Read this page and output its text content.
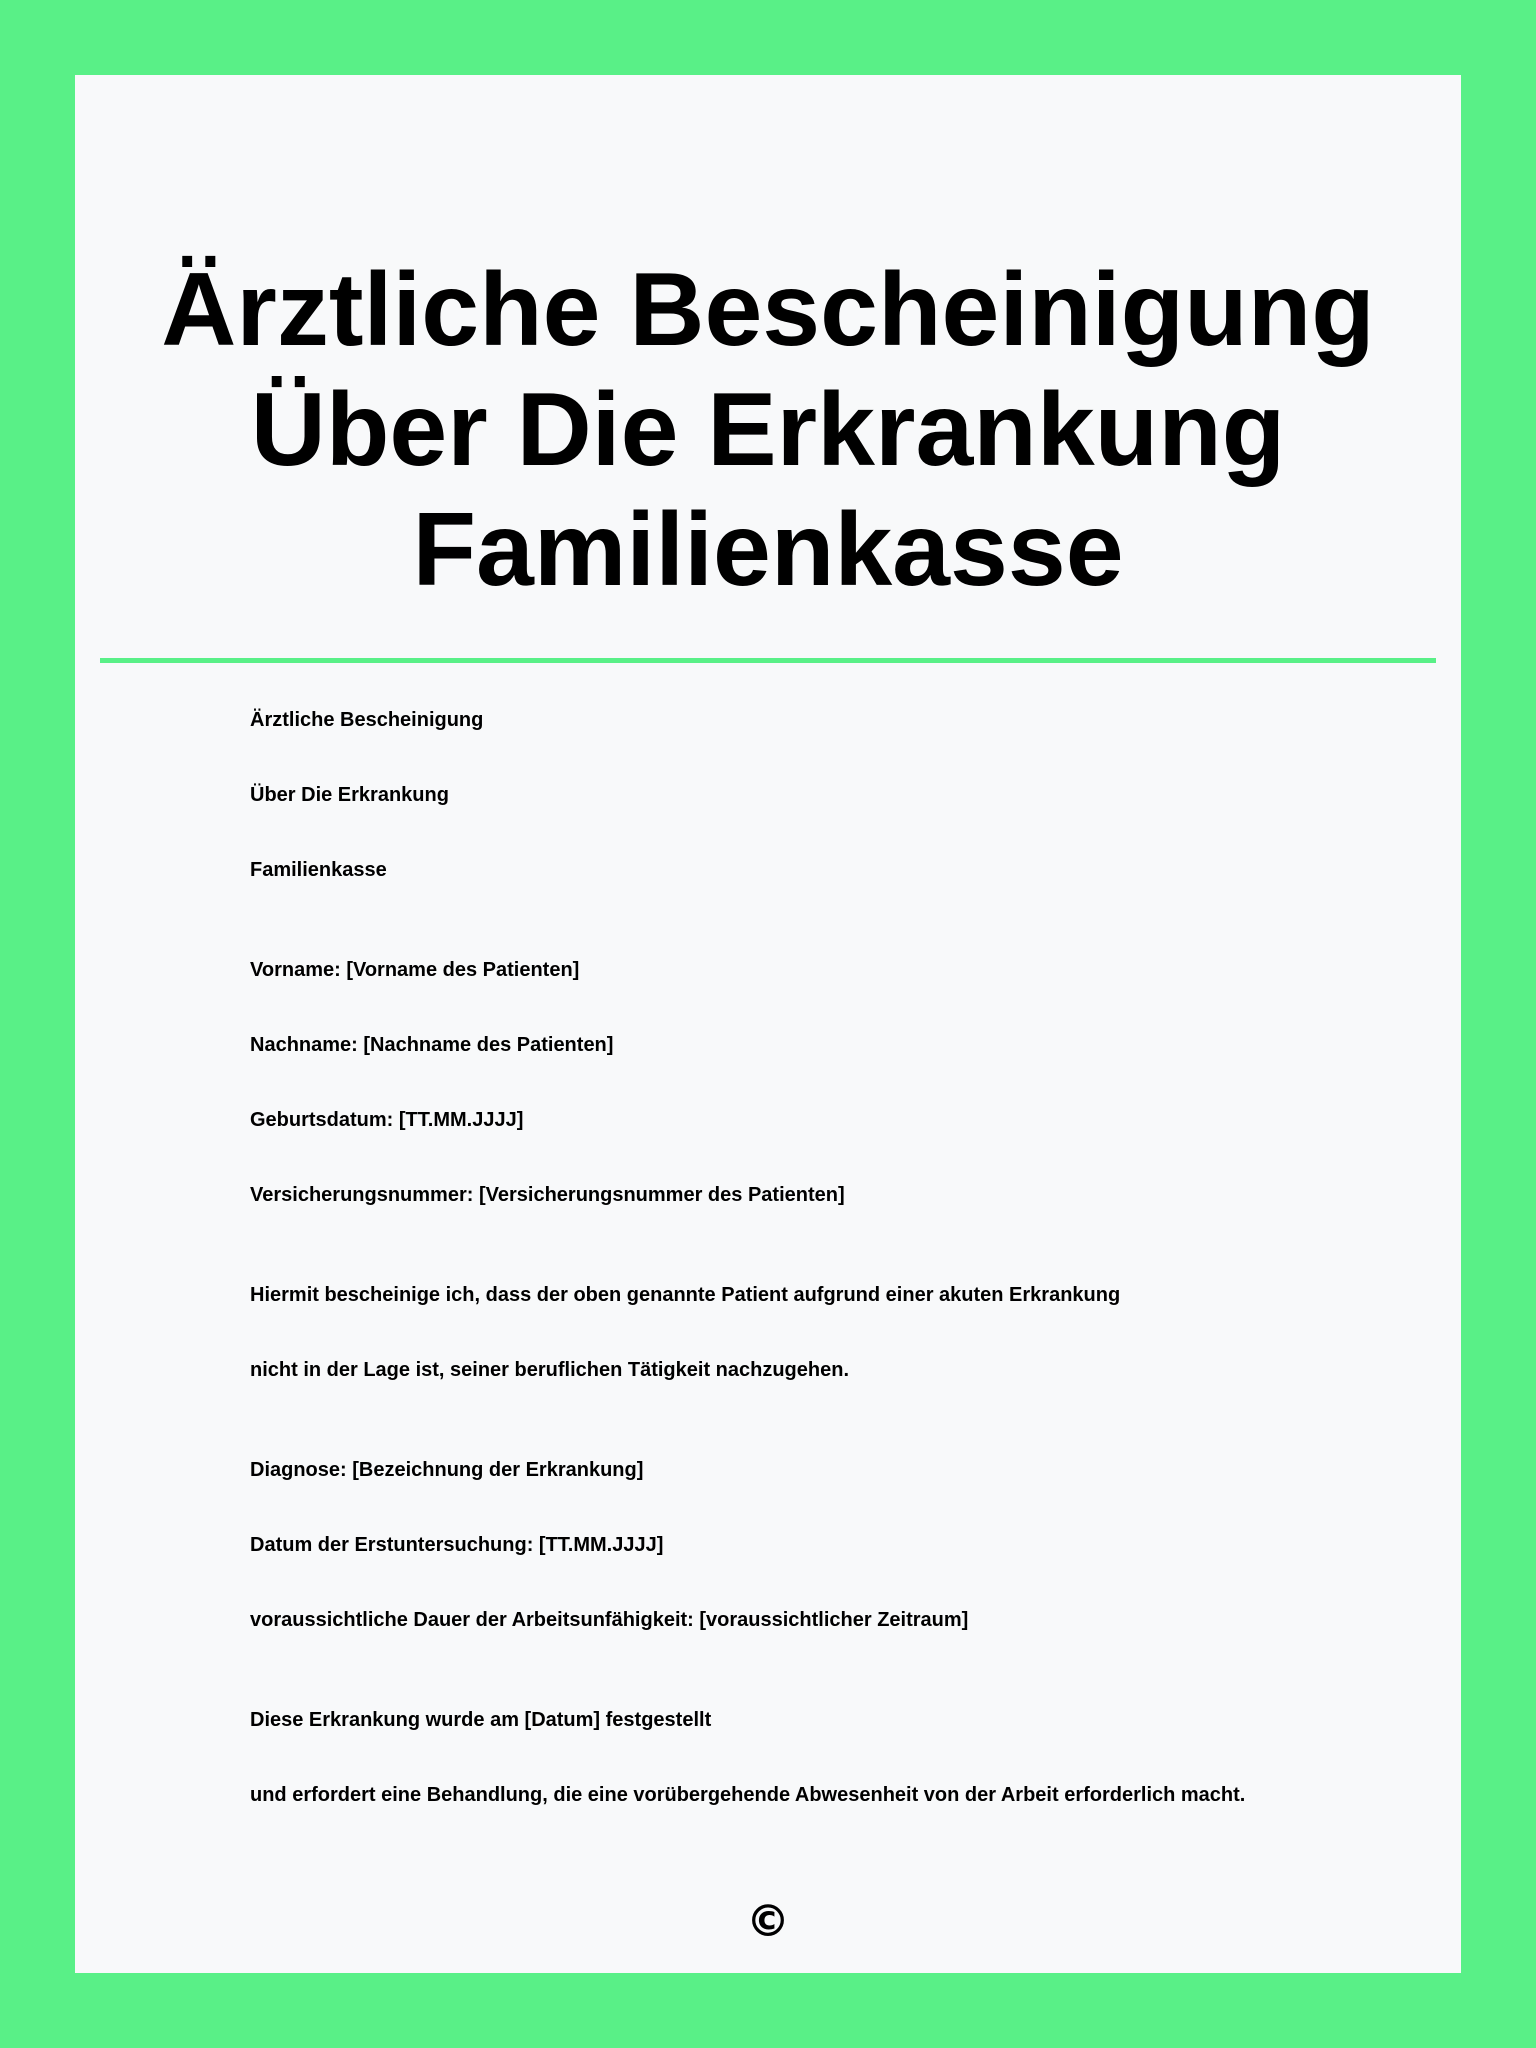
Ärztliche Bescheinigung
Über Die Erkrankung
Familienkasse
Ärztliche Bescheinigung
Über Die Erkrankung
Familienkasse
Vorname: [Vorname des Patienten]
Nachname: [Nachname des Patienten]
Geburtsdatum: [TT.MM.JJJJ]
Versicherungsnummer: [Versicherungsnummer des Patienten]
Hiermit bescheinige ich, dass der oben genannte Patient aufgrund einer akuten Erkrankung
nicht in der Lage ist, seiner beruflichen Tätigkeit nachzugehen.
Diagnose: [Bezeichnung der Erkrankung]
Datum der Erstuntersuchung: [TT.MM.JJJJ]
voraussichtliche Dauer der Arbeitsunfähigkeit: [voraussichtlicher Zeitraum]
Diese Erkrankung wurde am [Datum] festgestellt
und erfordert eine Behandlung, die eine vorübergehende Abwesenheit von der Arbeit erforderlich macht.
©
